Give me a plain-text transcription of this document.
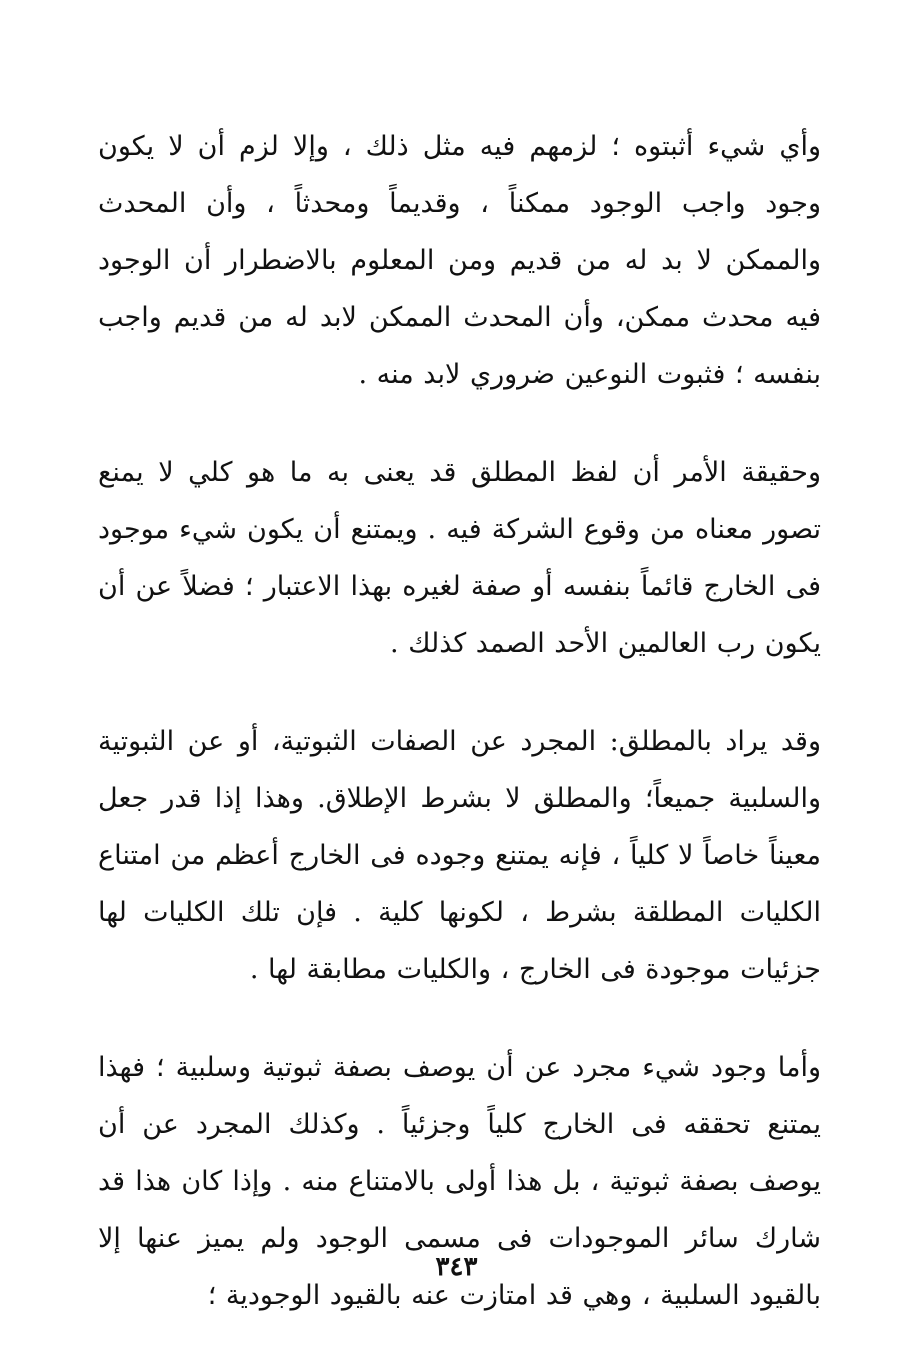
وأي شيء أثبتوه ؛ لزمهم فيه مثل ذلك ، وإلا لزم أن لا يكون وجود واجب الوجود ممكناً ، وقديماً ومحدثاً ، وأن المحدث والممكن لا بد له من قديم ومن المعلوم بالاضطرار أن الوجود فيه محدث ممكن، وأن المحدث الممكن لابد له من قديم واجب بنفسه ؛ فثبوت النوعين ضروري لابد منه .

وحقيقة الأمر أن لفظ المطلق قد يعنى به ما هو كلي لا يمنع تصور معناه من وقوع الشركة فيه . ويمتنع أن يكون شيء موجود فى الخارج قائماً بنفسه أو صفة لغيره بهذا الاعتبار ؛ فضلاً عن أن يكون رب العالمين الأحد الصمد كذلك .

وقد يراد بالمطلق: المجرد عن الصفات الثبوتية، أو عن الثبوتية والسلبية جميعاً؛ والمطلق لا بشرط الإطلاق. وهذا إذا قدر جعل معيناً خاصاً لا كلياً ، فإنه يمتنع وجوده فى الخارج أعظم من امتناع الكليات المطلقة بشرط ، لكونها كلية . فإن تلك الكليات لها جزئيات موجودة فى الخارج ، والكليات مطابقة لها .

وأما وجود شيء مجرد عن أن يوصف بصفة ثبوتية وسلبية ؛ فهذا يمتنع تحققه فى الخارج كلياً وجزئياً . وكذلك المجرد عن أن يوصف بصفة ثبوتية ، بل هذا أولى بالامتناع منه . وإذا كان هذا قد شارك سائر الموجودات فى مسمى الوجود ولم يميز عنها إلا بالقيود السلبية ، وهي قد امتازت عنه بالقيود الوجودية ؛

٣٤٣
